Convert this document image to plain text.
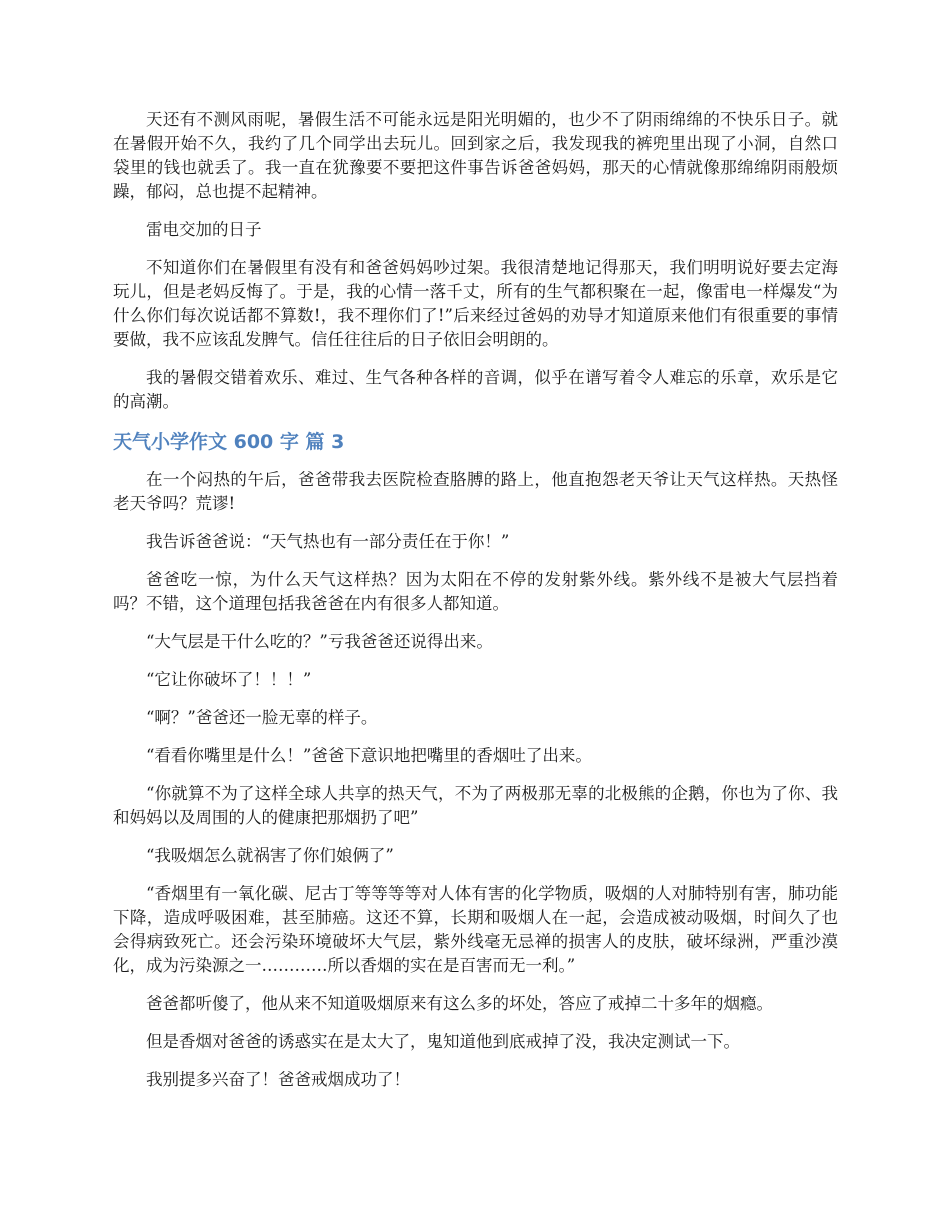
天还有不测风雨呢，暑假生活不可能永远是阳光明媚的，也少不了阴雨绵绵的不快乐日子。就在暑假开始不久，我约了几个同学出去玩儿。回到家之后，我发现我的裤兜里出现了小洞，自然口袋里的钱也就丢了。我一直在犹豫要不要把这件事告诉爸爸妈妈，那天的心情就像那绵绵阴雨般烦躁，郁闷，总也提不起精神。

雷电交加的日子

不知道你们在暑假里有没有和爸爸妈妈吵过架。我很清楚地记得那天，我们明明说好要去定海玩儿，但是老妈反悔了。于是，我的心情一落千丈，所有的生气都积聚在一起，像雷电一样爆发“为什么你们每次说话都不算数!，我不理你们了!”后来经过爸妈的劝导才知道原来他们有很重要的事情要做，我不应该乱发脾气。信任往往后的日子依旧会明朗的。

我的暑假交错着欢乐、难过、生气各种各样的音调，似乎在谱写着令人难忘的乐章，欢乐是它的高潮。

天气小学作文 600 字 篇 3

在一个闷热的午后，爸爸带我去医院检查胳膊的路上，他直抱怨老天爷让天气这样热。天热怪老天爷吗？荒谬!

我告诉爸爸说：“天气热也有一部分责任在于你！”

爸爸吃一惊，为什么天气这样热？因为太阳在不停的发射紫外线。紫外线不是被大气层挡着吗？不错，这个道理包括我爸爸在内有很多人都知道。

“大气层是干什么吃的？”亏我爸爸还说得出来。

“它让你破坏了！！！”

“啊？”爸爸还一脸无辜的样子。

“看看你嘴里是什么！”爸爸下意识地把嘴里的香烟吐了出来。

“你就算不为了这样全球人共享的热天气，不为了两极那无辜的北极熊的企鹅，你也为了你、我和妈妈以及周围的人的健康把那烟扔了吧”

“我吸烟怎么就祸害了你们娘俩了”

“香烟里有一氧化碳、尼古丁等等等等对人体有害的化学物质，吸烟的人对肺特别有害，肺功能下降，造成呼吸困难，甚至肺癌。这还不算，长期和吸烟人在一起，会造成被动吸烟，时间久了也会得病致死亡。还会污染环境破坏大气层，紫外线毫无忌禅的损害人的皮肤，破坏绿洲，严重沙漠化，成为污染源之一…………所以香烟的实在是百害而无一利。”

爸爸都听傻了，他从来不知道吸烟原来有这么多的坏处，答应了戒掉二十多年的烟瘾。

但是香烟对爸爸的诱惑实在是太大了，鬼知道他到底戒掉了没，我决定测试一下。

我别提多兴奋了！爸爸戒烟成功了！
